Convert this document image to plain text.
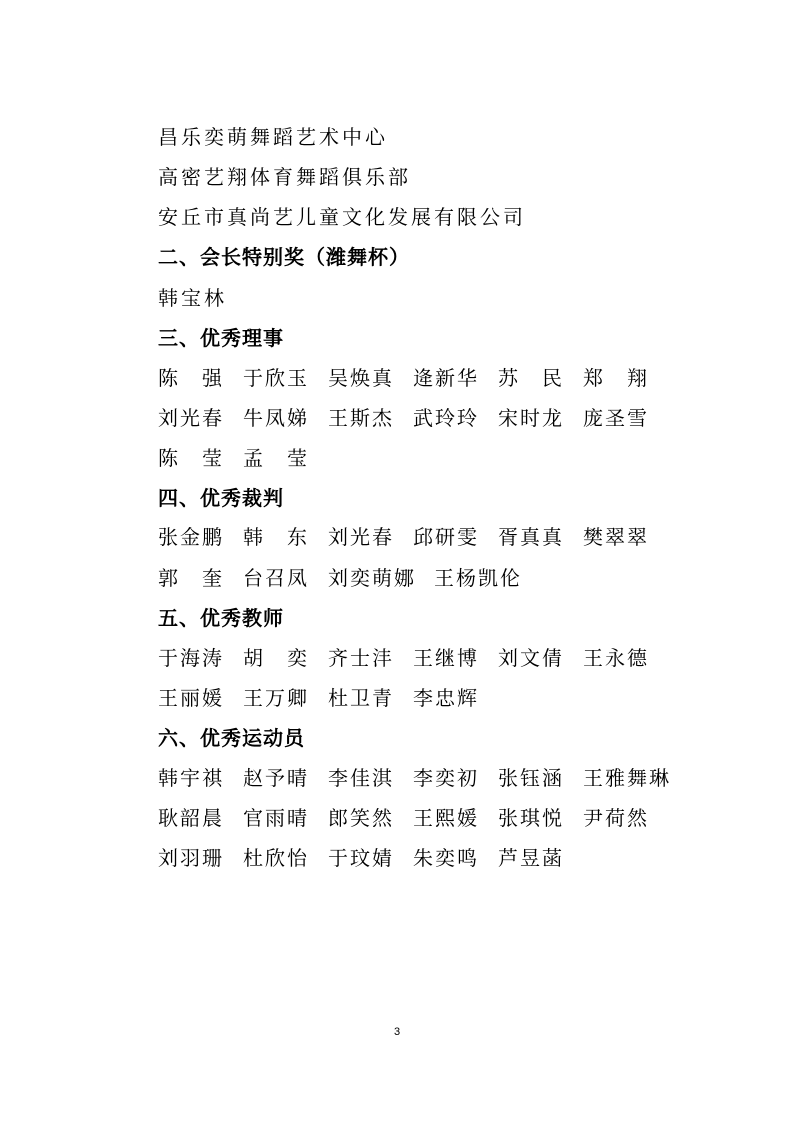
昌乐奕萌舞蹈艺术中心
高密艺翔体育舞蹈俱乐部
安丘市真尚艺儿童文化发展有限公司
二、会长特别奖（潍舞杯）
韩宝林
三、优秀理事
陈　强 于欣玉 吴焕真 逄新华 苏　民 郑　翔
刘光春 牛凤娣 王斯杰 武玲玲 宋时龙 庞圣雪
陈　莹 孟　莹
四、优秀裁判
张金鹏 韩　东 刘光春 邱研雯 胥真真 樊翠翠
郭　奎 台召凤 刘奕萌娜 王杨凯伦
五、优秀教师
于海涛 胡　奕 齐士沣 王继博 刘文倩 王永德
王丽媛 王万卿 杜卫青 李忠辉
六、优秀运动员
韩宇祺 赵予晴 李佳淇 李奕初 张钰涵 王雅舞琳
耿韶晨 官雨晴 郎笑然 王熙媛 张琪悦 尹荷然
刘羽珊 杜欣怡 于玟婧 朱奕鸣 芦昱菡
3
